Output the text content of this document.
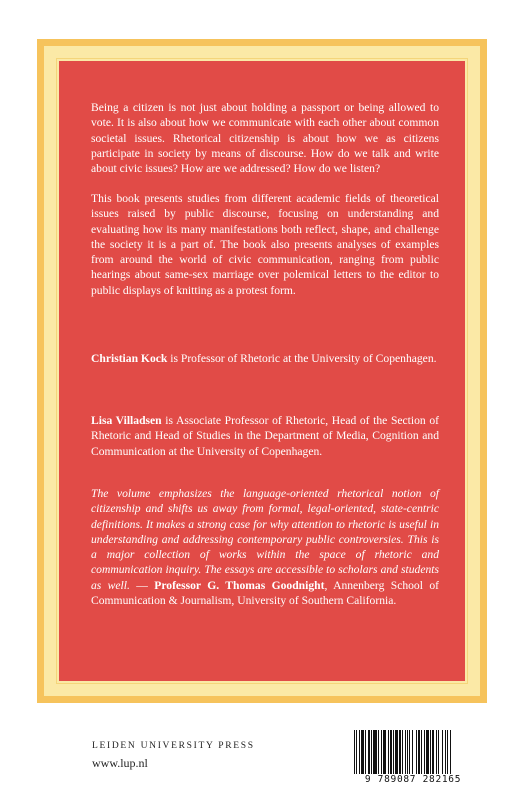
Being a citizen is not just about holding a passport or being allowed to vote. It is also about how we communicate with each other about common societal issues. Rhetorical citizenship is about how we as citizens participate in society by means of discourse. How do we talk and write about civic issues? How are we addressed? How do we listen?

This book presents studies from different academic fields of theoretical issues raised by public discourse, focusing on understanding and evaluating how its many manifestations both reflect, shape, and challenge the society it is a part of. The book also presents analyses of examples from around the world of civic communication, ranging from public hearings about same-sex marriage over polemical letters to the editor to public displays of knitting as a protest form.

Christian Kock is Professor of Rhetoric at the University of Copenhagen.

Lisa Villadsen is Associate Professor of Rhetoric, Head of the Section of Rhetoric and Head of Studies in the Department of Media, Cognition and Communication at the University of Copenhagen.

The volume emphasizes the language-oriented rhetorical notion of citizenship and shifts us away from formal, legal-oriented, state-centric definitions. It makes a strong case for why attention to rhetoric is useful in understanding and addressing contemporary public controversies. This is a major collection of works within the space of rhetoric and communication inquiry. The essays are accessible to scholars and students as well. — Professor G. Thomas Goodnight, Annenberg School of Communication & Journalism, University of Southern California.

LEIDEN UNIVERSITY PRESS

www.lup.nl

9 789087 282165
